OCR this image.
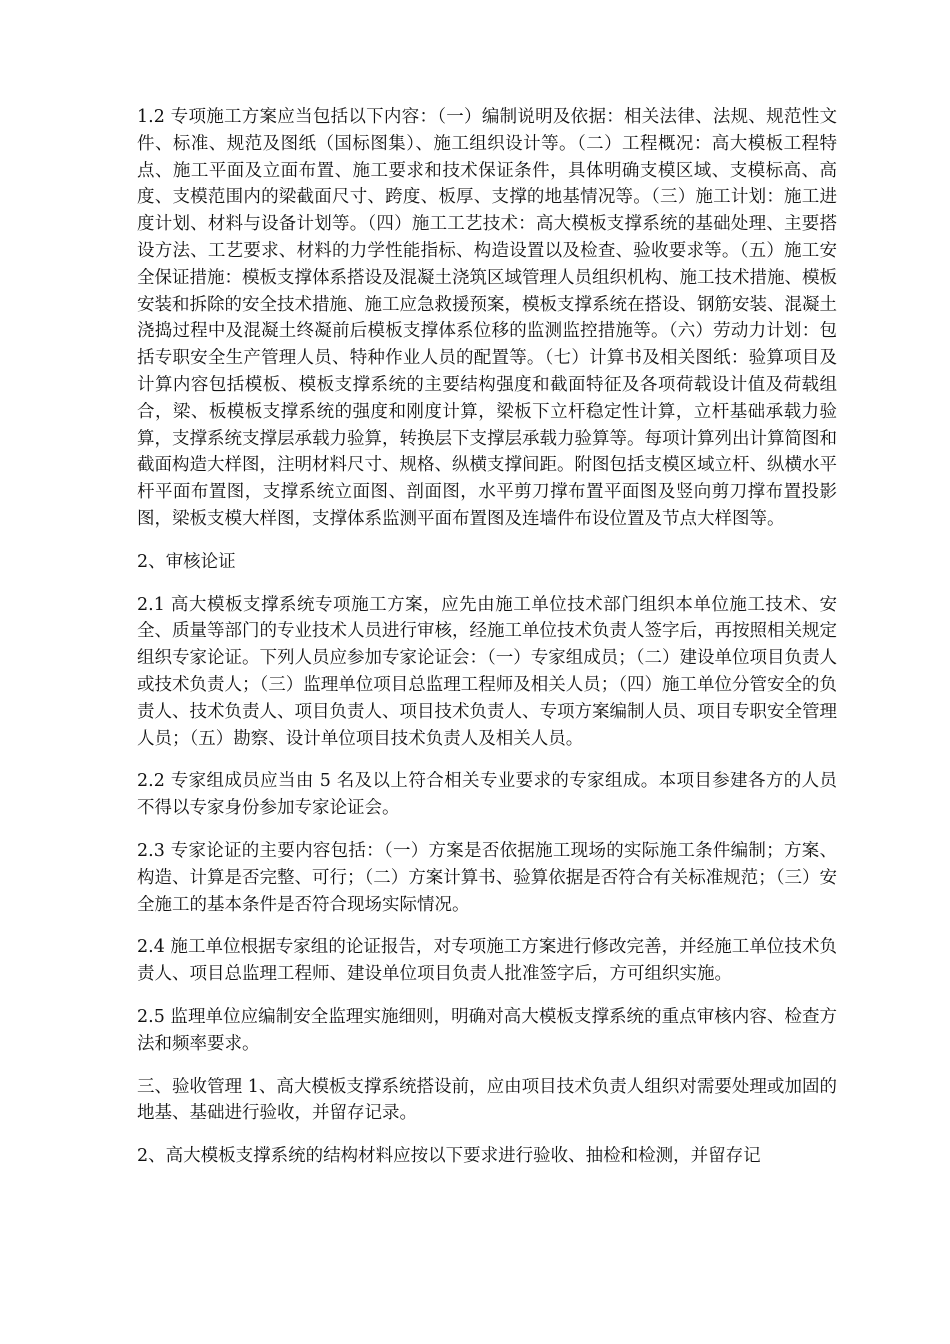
1.2 专项施工方案应当包括以下内容：（一）编制说明及依据：相关法律、法规、规范性文件、标准、规范及图纸（国标图集）、施工组织设计等。（二）工程概况：高大模板工程特点、施工平面及立面布置、施工要求和技术保证条件，具体明确支模区域、支模标高、高度、支模范围内的梁截面尺寸、跨度、板厚、支撑的地基情况等。（三）施工计划：施工进度计划、材料与设备计划等。（四）施工工艺技术：高大模板支撑系统的基础处理、主要搭设方法、工艺要求、材料的力学性能指标、构造设置以及检查、验收要求等。（五）施工安全保证措施：模板支撑体系搭设及混凝土浇筑区域管理人员组织机构、施工技术措施、模板安装和拆除的安全技术措施、施工应急救援预案，模板支撑系统在搭设、钢筋安装、混凝土浇捣过程中及混凝土终凝前后模板支撑体系位移的监测监控措施等。（六）劳动力计划：包括专职安全生产管理人员、特种作业人员的配置等。（七）计算书及相关图纸：验算项目及计算内容包括模板、模板支撑系统的主要结构强度和截面特征及各项荷载设计值及荷载组合，梁、板模板支撑系统的强度和刚度计算，梁板下立杆稳定性计算，立杆基础承载力验算，支撑系统支撑层承载力验算，转换层下支撑层承载力验算等。每项计算列出计算简图和截面构造大样图，注明材料尺寸、规格、纵横支撑间距。附图包括支模区域立杆、纵横水平杆平面布置图，支撑系统立面图、剖面图，水平剪刀撑布置平面图及竖向剪刀撑布置投影图，梁板支模大样图，支撑体系监测平面布置图及连墙件布设位置及节点大样图等。

2、审核论证

2.1 高大模板支撑系统专项施工方案，应先由施工单位技术部门组织本单位施工技术、安全、质量等部门的专业技术人员进行审核，经施工单位技术负责人签字后，再按照相关规定组织专家论证。下列人员应参加专家论证会：（一）专家组成员；（二）建设单位项目负责人或技术负责人；（三）监理单位项目总监理工程师及相关人员；（四）施工单位分管安全的负责人、技术负责人、项目负责人、项目技术负责人、专项方案编制人员、项目专职安全管理人员；（五）勘察、设计单位项目技术负责人及相关人员。

2.2 专家组成员应当由 5 名及以上符合相关专业要求的专家组成。本项目参建各方的人员不得以专家身份参加专家论证会。

2.3 专家论证的主要内容包括：（一）方案是否依据施工现场的实际施工条件编制；方案、构造、计算是否完整、可行；（二）方案计算书、验算依据是否符合有关标准规范；（三）安全施工的基本条件是否符合现场实际情况。

2.4 施工单位根据专家组的论证报告，对专项施工方案进行修改完善，并经施工单位技术负责人、项目总监理工程师、建设单位项目负责人批准签字后，方可组织实施。

2.5 监理单位应编制安全监理实施细则，明确对高大模板支撑系统的重点审核内容、检查方法和频率要求。

三、验收管理 1、高大模板支撑系统搭设前，应由项目技术负责人组织对需要处理或加固的地基、基础进行验收，并留存记录。

2、高大模板支撑系统的结构材料应按以下要求进行验收、抽检和检测，并留存记
